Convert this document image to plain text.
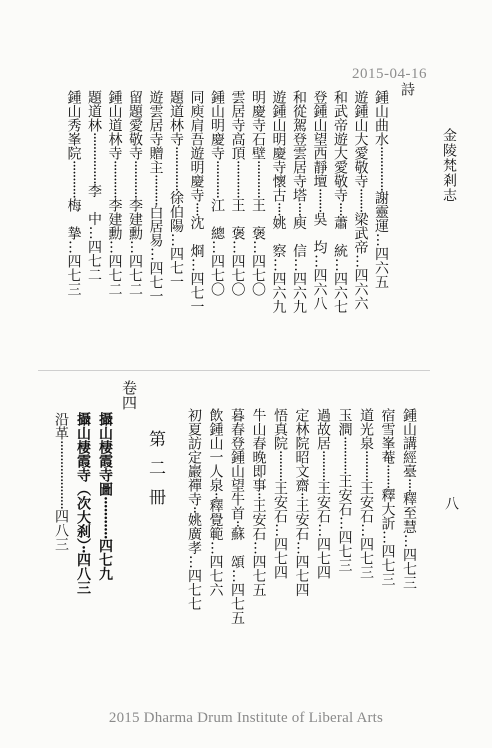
2015-04-16
金陵梵剎志
八
詩
鍾山曲水·············謝靈運…四六五
遊鍾山大愛敬寺·······梁武帝…四六六
和武帝遊大愛敬寺····蕭　統…四六七
登鍾山望西靜壇·······吳　均…四六八
和從駕登雲居寺塔····庾　信…四六九
遊鍾山明慶寺懷古····姚　察…四六九
明慶寺石壁···········王　褒…四七〇
雲居寺高頂···········王　褒…四七〇
鍾山明慶寺···········江　總…四七〇
同庾肩吾遊明慶寺····沈　烱…四七一
題道林寺·············徐伯陽…四七一
遊雲居寺贈主·········白居易…四七一
留題愛敬寺···········李建勳…四七二
鍾山道林寺···········李建勳…四七二
題道林···············李　中…四七二
鍾山秀峯院···········梅　摯…四七三
鍾山講經臺····釋至慧…四七三
宿雪峯菴·······釋大訢…四七三
道光泉·········王安石…四七三
玉澗···········王安石…四七三
過故居·········王安石…四七四
定林院昭文齋··王安石…四七四
悟真院·········王安石…四七四
牛山春晚即事··王安石…四七五
暮春登鍾山望牛首··蘇　頌…四七五
飲鍾山一人泉··釋覺範…四七六
初夏訪定巖禪寺··姚廣孝…四七七
第二冊
卷四
攝山棲霞寺圖···········四七九
攝山棲霞寺（次大刹）··四八三
沿革····················四八三
2015 Dharma Drum Institute of Liberal Arts
